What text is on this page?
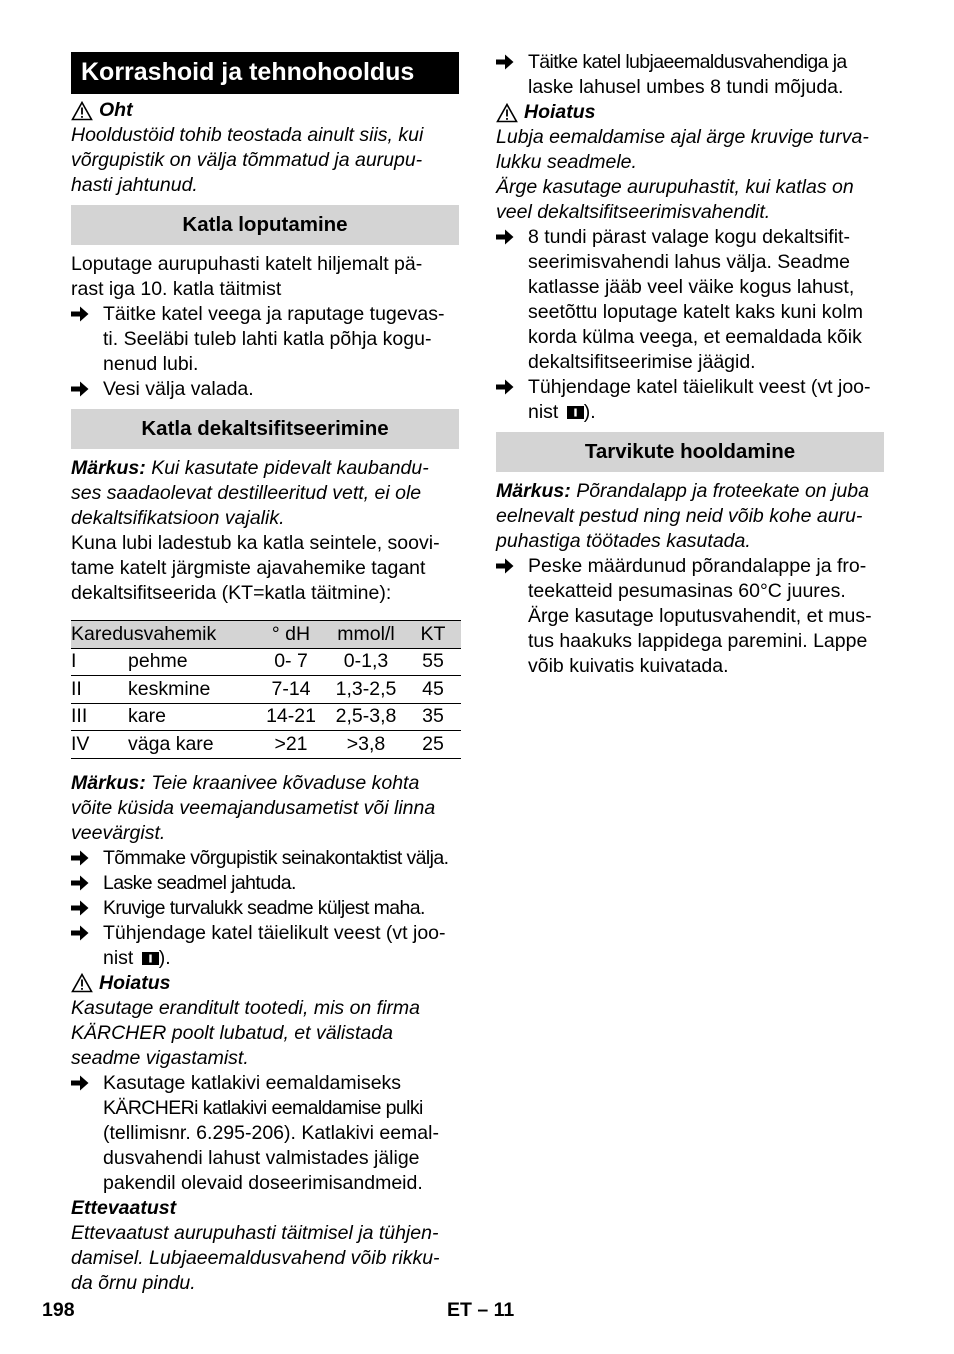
Korrashoid ja tehnohooldus
Oht

Hooldustöid tohib teostada ainult siis, kui

võrgupistik on välja tõmmatud ja aurupu-

hasti jahtunud.

Katla loputamine

Loputage aurupuhasti katelt hiljemalt pä-

rast iga 10. katla täitmist

Täitke katel veega ja raputage tugevas-

ti. Seeläbi tuleb lahti katla põhja kogu-

nenud lubi.

Vesi välja valada.

Katla dekaltsifitseerimine

Märkus: Kui kasutate pidevalt kaubandu-

ses saadaolevat destilleeritud vett, ei ole

dekaltsifikatsioon vajalik.

Kuna lubi ladestub ka katla seintele, soovi-

tame katelt järgmiste ajavahemike tagant

dekaltsifitseerida (KT=katla täitmine):

Karedusvahemik		° dH	mmol/l	KT
I	pehme	0- 7	0-1,3	55
II	keskmine	7-14	1,3-2,5	45
III	kare	14-21	2,5-3,8	35
IV	väga kare	>21	>3,8	25

Märkus: Teie kraanivee kõvaduse kohta

võite küsida veemajandusametist või linna

veevärgist.

Tõmmake võrgupistik seinakontaktist välja.

Laske seadmel jahtuda.

Kruvige turvalukk seadme küljest maha.

Tühjendage katel täielikult veest (vt joo-

nist ).

Hoiatus

Kasutage eranditult tootedi, mis on firma

KÄRCHER poolt lubatud, et välistada

seadme vigastamist.

Kasutage katlakivi eemaldamiseks

KÄRCHERi katlakivi eemaldamise pulki

(tellimisnr. 6.295-206). Katlakivi eemal-

dusvahendi lahust valmistades jälige

pakendil olevaid doseerimisandmeid.

Ettevaatust

Ettevaatust aurupuhasti täitmisel ja tühjen-

damisel. Lubjaeemaldusvahend võib rikku-

da õrnu pindu.

Täitke katel lubjaeemaldusvahendiga ja

laske lahusel umbes 8 tundi mõjuda.

Hoiatus

Lubja eemaldamise ajal ärge kruvige turva-

lukku seadmele.

Ärge kasutage aurupuhastit, kui katlas on

veel dekaltsifitseerimisvahendit.

8 tundi pärast valage kogu dekaltsifit-

seerimisvahendi lahus välja. Seadme

katlasse jääb veel väike kogus lahust,

seetõttu loputage katelt kaks kuni kolm

korda külma veega, et eemaldada kõik

dekaltsifitseerimise jäägid.

Tühjendage katel täielikult veest (vt joo-

nist ).

Tarvikute hooldamine

Märkus: Põrandalapp ja froteekate on juba

eelnevalt pestud ning neid võib kohe auru-

puhastiga töötades kasutada.

Peske määrdunud põrandalappe ja fro-

teekatteid pesumasinas 60°C juures.

Ärge kasutage loputusvahendit, et mus-

tus haakuks lappidega paremini. Lappe

võib kuivatis kuivatada.

198	ET – 11
